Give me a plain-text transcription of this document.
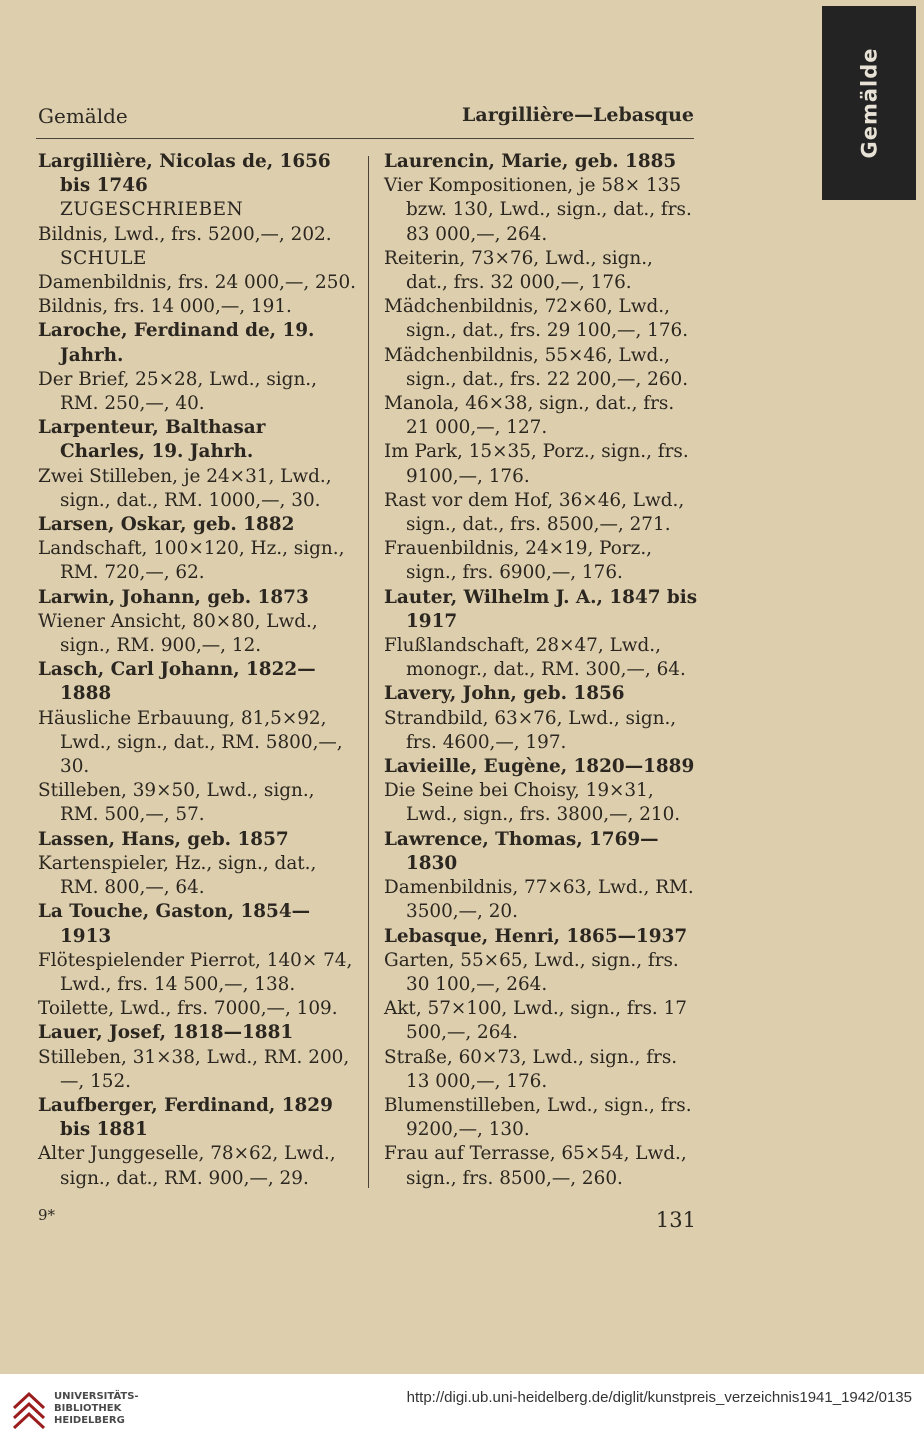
Gemälde
Gemälde	Largillière—Lebasque
Largillière, Nicolas de, 1656 bis 1746
ZUGESCHRIEBEN
Bildnis, Lwd., frs. 5200,—, 202.
SCHULE
Damenbildnis, frs. 24 000,—, 250.
Bildnis, frs. 14 000,—, 191.
Laroche, Ferdinand de, 19. Jahrh.
Der Brief, 25×28, Lwd., sign., RM. 250,—, 40.
Larpenteur, Balthasar Charles, 19. Jahrh.
Zwei Stilleben, je 24×31, Lwd., sign., dat., RM. 1000,—, 30.
Larsen, Oskar, geb. 1882
Landschaft, 100×120, Hz., sign., RM. 720,—, 62.
Larwin, Johann, geb. 1873
Wiener Ansicht, 80×80, Lwd., sign., RM. 900,—, 12.
Lasch, Carl Johann, 1822—1888
Häusliche Erbauung, 81,5×92, Lwd., sign., dat., RM. 5800,—, 30.
Stilleben, 39×50, Lwd., sign., RM. 500,—, 57.
Lassen, Hans, geb. 1857
Kartenspieler, Hz., sign., dat., RM. 800,—, 64.
La Touche, Gaston, 1854—1913
Flötespielender Pierrot, 140× 74, Lwd., frs. 14 500,—, 138.
Toilette, Lwd., frs. 7000,—, 109.
Lauer, Josef, 1818—1881
Stilleben, 31×38, Lwd., RM. 200,—, 152.
Laufberger, Ferdinand, 1829 bis 1881
Alter Junggeselle, 78×62, Lwd., sign., dat., RM. 900,—, 29.
Laurencin, Marie, geb. 1885
Vier Kompositionen, je 58× 135 bzw. 130, Lwd., sign., dat., frs. 83 000,—, 264.
Reiterin, 73×76, Lwd., sign., dat., frs. 32 000,—, 176.
Mädchenbildnis, 72×60, Lwd., sign., dat., frs. 29 100,—, 176.
Mädchenbildnis, 55×46, Lwd., sign., dat., frs. 22 200,—, 260.
Manola, 46×38, sign., dat., frs. 21 000,—, 127.
Im Park, 15×35, Porz., sign., frs. 9100,—, 176.
Rast vor dem Hof, 36×46, Lwd., sign., dat., frs. 8500,—, 271.
Frauenbildnis, 24×19, Porz., sign., frs. 6900,—, 176.
Lauter, Wilhelm J. A., 1847 bis 1917
Flußlandschaft, 28×47, Lwd., monogr., dat., RM. 300,—, 64.
Lavery, John, geb. 1856
Strandbild, 63×76, Lwd., sign., frs. 4600,—, 197.
Lavieille, Eugène, 1820—1889
Die Seine bei Choisy, 19×31, Lwd., sign., frs. 3800,—, 210.
Lawrence, Thomas, 1769—1830
Damenbildnis, 77×63, Lwd., RM. 3500,—, 20.
Lebasque, Henri, 1865—1937
Garten, 55×65, Lwd., sign., frs. 30 100,—, 264.
Akt, 57×100, Lwd., sign., frs. 17 500,—, 264.
Straße, 60×73, Lwd., sign., frs. 13 000,—, 176.
Blumenstilleben, Lwd., sign., frs. 9200,—, 130.
Frau auf Terrasse, 65×54, Lwd., sign., frs. 8500,—, 260.
9*	131
UNIVERSITÄTS-
BIBLIOTHEK
HEIDELBERG
http://digi.ub.uni-heidelberg.de/diglit/kunstpreis_verzeichnis1941_1942/0135
